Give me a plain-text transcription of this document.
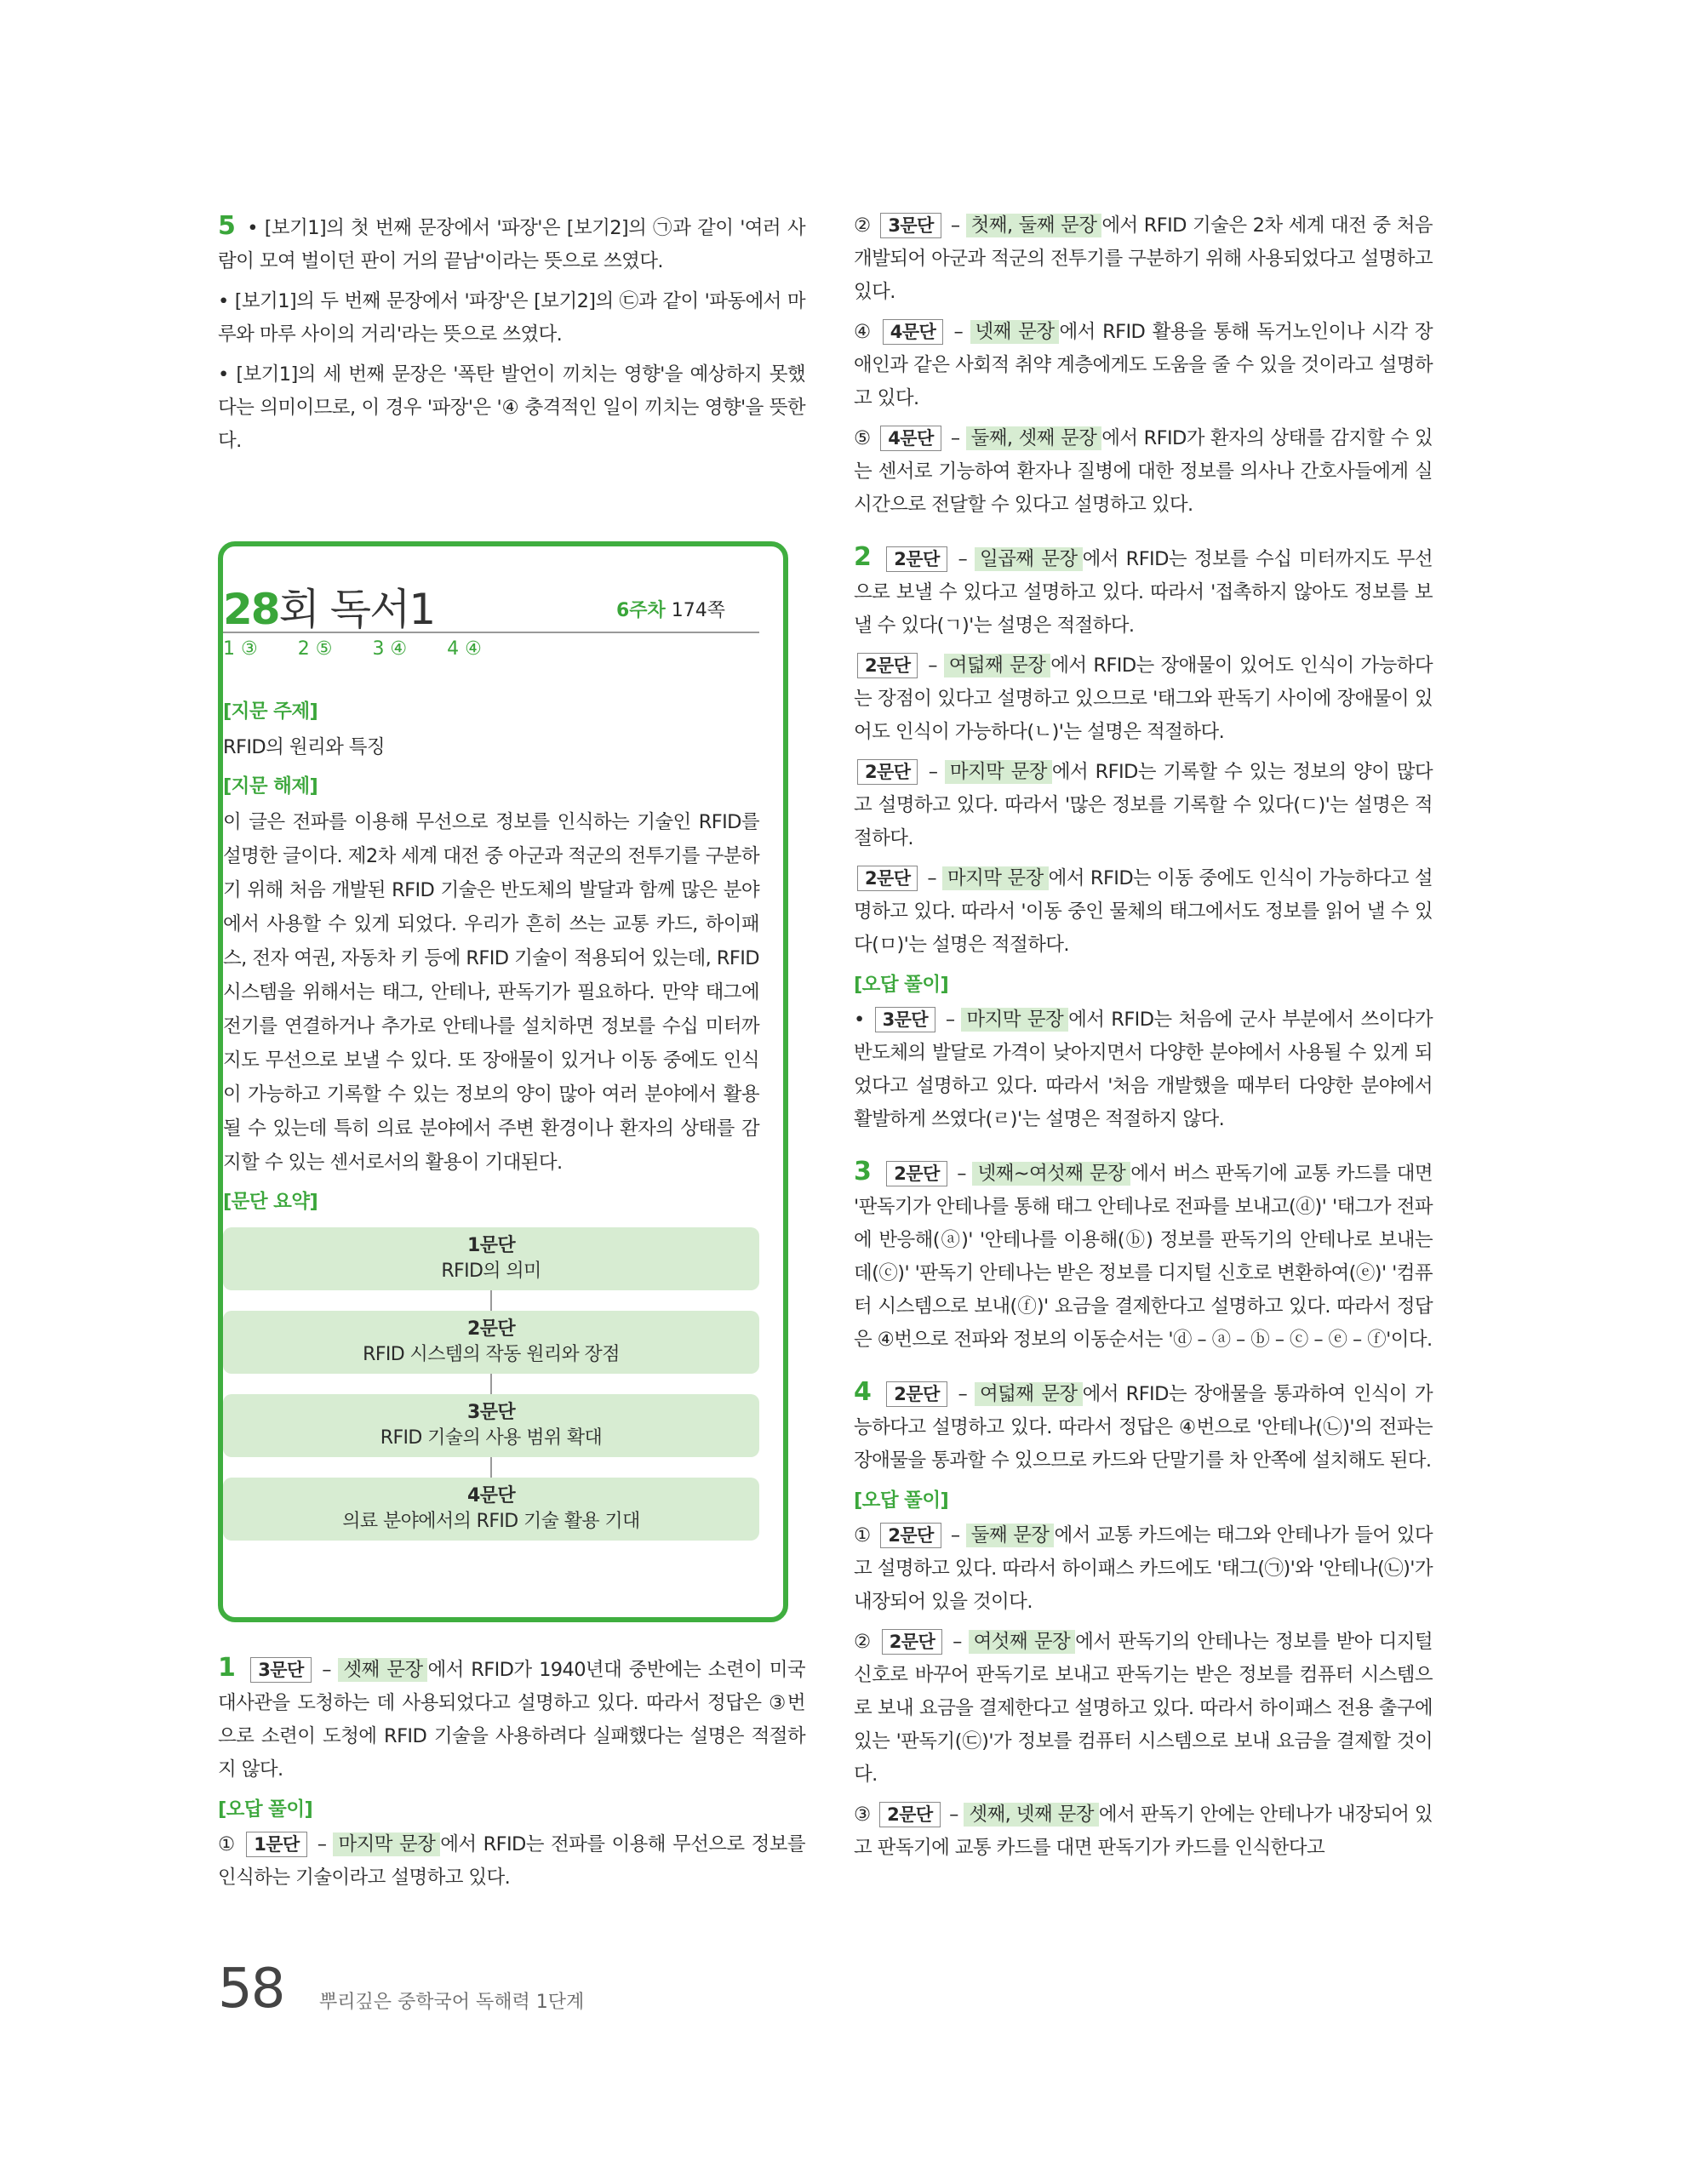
5 • [보기1]의 첫 번째 문장에서 '파장'은 [보기2]의 ㉠과 같이 '여러 사람이 모여 벌이던 판이 거의 끝남'이라는 뜻으로 쓰였다.

• [보기1]의 두 번째 문장에서 '파장'은 [보기2]의 ㉢과 같이 '파동에서 마루와 마루 사이의 거리'라는 뜻으로 쓰였다.

• [보기1]의 세 번째 문장은 '폭탄 발언이 끼치는 영향'을 예상하지 못했다는 의미이므로, 이 경우 '파장'은 '④ 충격적인 일이 끼치는 영향'을 뜻한다.

28회 독서1	6주차 174쪽
1 ③ 2 ⑤ 3 ④ 4 ④
[지문 주제]
RFID의 원리와 특징
[지문 해제]
이 글은 전파를 이용해 무선으로 정보를 인식하는 기술인 RFID를 설명한 글이다. 제2차 세계 대전 중 아군과 적군의 전투기를 구분하기 위해 처음 개발된 RFID 기술은 반도체의 발달과 함께 많은 분야에서 사용할 수 있게 되었다. 우리가 흔히 쓰는 교통 카드, 하이패스, 전자 여권, 자동차 키 등에 RFID 기술이 적용되어 있는데, RFID 시스템을 위해서는 태그, 안테나, 판독기가 필요하다. 만약 태그에 전기를 연결하거나 추가로 안테나를 설치하면 정보를 수십 미터까지도 무선으로 보낼 수 있다. 또 장애물이 있거나 이동 중에도 인식이 가능하고 기록할 수 있는 정보의 양이 많아 여러 분야에서 활용될 수 있는데 특히 의료 분야에서 주변 환경이나 환자의 상태를 감지할 수 있는 센서로서의 활용이 기대된다.
[문단 요약]
1문단
RFID의 의미
2문단
RFID 시스템의 작동 원리와 장점
3문단
RFID 기술의 사용 범위 확대
4문단
의료 분야에서의 RFID 기술 활용 기대

1 3문단 – 셋째 문장 에서 RFID가 1940년대 중반에는 소련이 미국 대사관을 도청하는 데 사용되었다고 설명하고 있다. 따라서 정답은 ③번으로 소련이 도청에 RFID 기술을 사용하려다 실패했다는 설명은 적절하지 않다.

[오답 풀이]

① 1문단 – 마지막 문장 에서 RFID는 전파를 이용해 무선으로 정보를 인식하는 기술이라고 설명하고 있다.

② 3문단 – 첫째, 둘째 문장 에서 RFID 기술은 2차 세계 대전 중 처음 개발되어 아군과 적군의 전투기를 구분하기 위해 사용되었다고 설명하고 있다.

④ 4문단 – 넷째 문장 에서 RFID 활용을 통해 독거노인이나 시각 장애인과 같은 사회적 취약 계층에게도 도움을 줄 수 있을 것이라고 설명하고 있다.

⑤ 4문단 – 둘째, 셋째 문장 에서 RFID가 환자의 상태를 감지할 수 있는 센서로 기능하여 환자나 질병에 대한 정보를 의사나 간호사들에게 실시간으로 전달할 수 있다고 설명하고 있다.

2 2문단 – 일곱째 문장 에서 RFID는 정보를 수십 미터까지도 무선으로 보낼 수 있다고 설명하고 있다. 따라서 '접촉하지 않아도 정보를 보낼 수 있다(ㄱ)'는 설명은 적절하다.

2문단 – 여덟째 문장 에서 RFID는 장애물이 있어도 인식이 가능하다는 장점이 있다고 설명하고 있으므로 '태그와 판독기 사이에 장애물이 있어도 인식이 가능하다(ㄴ)'는 설명은 적절하다.

2문단 – 마지막 문장 에서 RFID는 기록할 수 있는 정보의 양이 많다고 설명하고 있다. 따라서 '많은 정보를 기록할 수 있다(ㄷ)'는 설명은 적절하다.

2문단 – 마지막 문장 에서 RFID는 이동 중에도 인식이 가능하다고 설명하고 있다. 따라서 '이동 중인 물체의 태그에서도 정보를 읽어 낼 수 있다(ㅁ)'는 설명은 적절하다.

[오답 풀이]

• 3문단 – 마지막 문장 에서 RFID는 처음에 군사 부분에서 쓰이다가 반도체의 발달로 가격이 낮아지면서 다양한 분야에서 사용될 수 있게 되었다고 설명하고 있다. 따라서 '처음 개발했을 때부터 다양한 분야에서 활발하게 쓰였다(ㄹ)'는 설명은 적절하지 않다.

3 2문단 – 넷째~여섯째 문장 에서 버스 판독기에 교통 카드를 대면 '판독기가 안테나를 통해 태그 안테나로 전파를 보내고(ⓓ)' '태그가 전파에 반응해(ⓐ)' '안테나를 이용해(ⓑ) 정보를 판독기의 안테나로 보내는데(ⓒ)' '판독기 안테나는 받은 정보를 디지털 신호로 변환하여(ⓔ)' '컴퓨터 시스템으로 보내(ⓕ)' 요금을 결제한다고 설명하고 있다. 따라서 정답은 ④번으로 전파와 정보의 이동순서는 'ⓓ – ⓐ – ⓑ – ⓒ – ⓔ – ⓕ'이다.

4 2문단 – 여덟째 문장 에서 RFID는 장애물을 통과하여 인식이 가능하다고 설명하고 있다. 따라서 정답은 ④번으로 '안테나(㉡)'의 전파는 장애물을 통과할 수 있으므로 카드와 단말기를 차 안쪽에 설치해도 된다.

[오답 풀이]

① 2문단 – 둘째 문장 에서 교통 카드에는 태그와 안테나가 들어 있다고 설명하고 있다. 따라서 하이패스 카드에도 '태그(㉠)'와 '안테나(㉡)'가 내장되어 있을 것이다.

② 2문단 – 여섯째 문장 에서 판독기의 안테나는 정보를 받아 디지털 신호로 바꾸어 판독기로 보내고 판독기는 받은 정보를 컴퓨터 시스템으로 보내 요금을 결제한다고 설명하고 있다. 따라서 하이패스 전용 출구에 있는 '판독기(㉢)'가 정보를 컴퓨터 시스템으로 보내 요금을 결제할 것이다.

③ 2문단 – 셋째, 넷째 문장 에서 판독기 안에는 안테나가 내장되어 있고 판독기에 교통 카드를 대면 판독기가 카드를 인식한다고

58 뿌리깊은 중학국어 독해력 1단계
